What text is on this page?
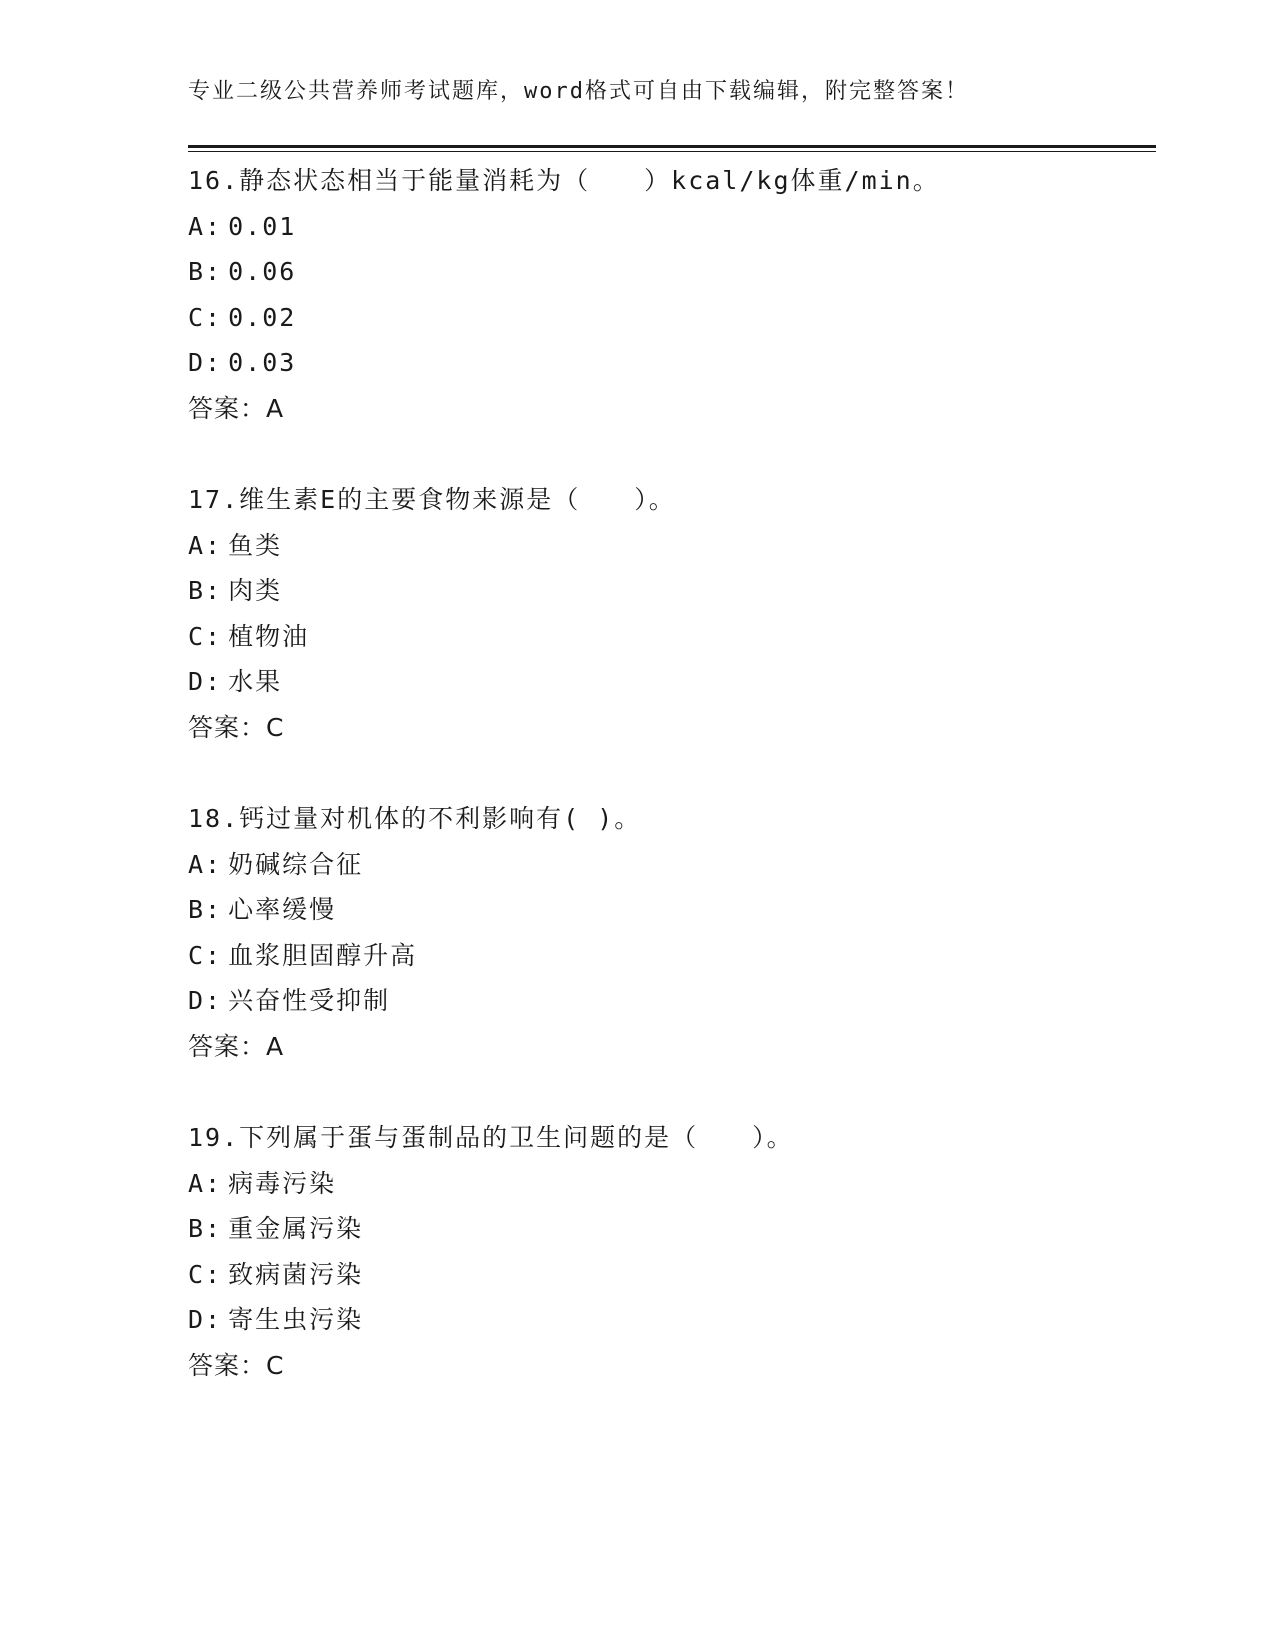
专业二级公共营养师考试题库，word格式可自由下载编辑，附完整答案！
16.静态状态相当于能量消耗为（　　）kcal/kg体重/min。
A: 0.01
B: 0.06
C: 0.02
D: 0.03
答案：A
17.维生素E的主要食物来源是（　　）。
A: 鱼类
B: 肉类
C: 植物油
D: 水果
答案：C
18.钙过量对机体的不利影响有( )。
A: 奶碱综合征
B: 心率缓慢
C: 血浆胆固醇升高
D: 兴奋性受抑制
答案：A
19.下列属于蛋与蛋制品的卫生问题的是（　　）。
A: 病毒污染
B: 重金属污染
C: 致病菌污染
D: 寄生虫污染
答案：C
